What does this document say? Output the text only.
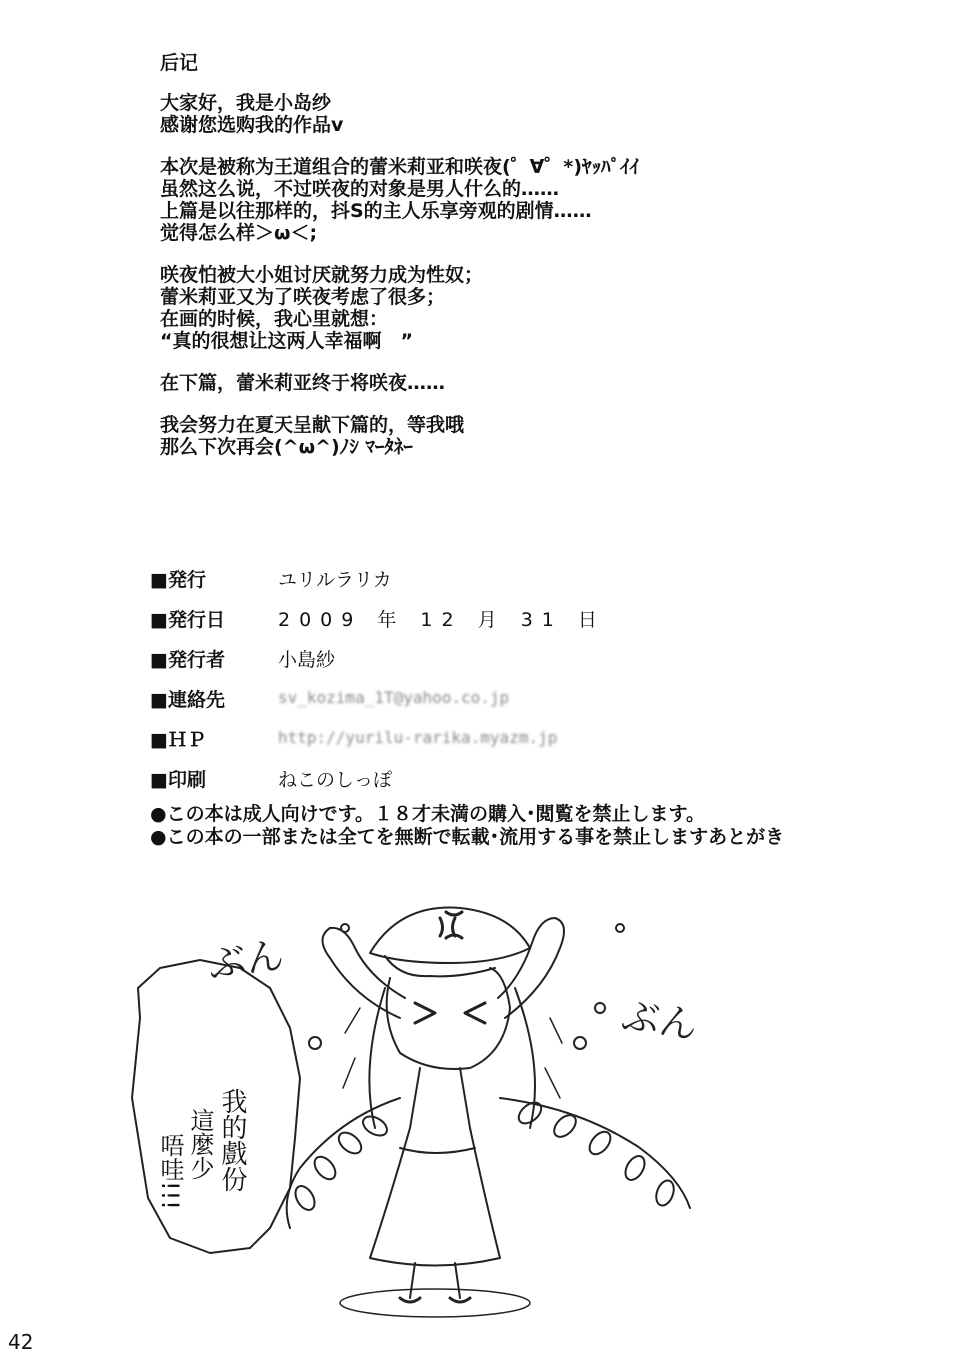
后记
大家好，我是小岛纱
感谢您选购我的作品v
本次是被称为王道组合的蕾米莉亚和咲夜(゜∀゜*)ﾔｯﾊﾟｲｲ
虽然这么说，不过咲夜的对象是男人什么的……
上篇是以往那样的，抖S的主人乐享旁观的剧情……
觉得怎么样＞ω＜;
咲夜怕被大小姐讨厌就努力成为性奴；
蕾米莉亚又为了咲夜考虑了很多；
在画的时候，我心里就想：
“真的很想让这两人幸福啊　”
在下篇，蕾米莉亚终于将咲夜……
我会努力在夏天呈献下篇的，等我哦
那么下次再会(^ω^)ﾉｼ ﾏｰﾀﾈｰ
■発行	ユリルラリカ
■発行日	2009 年 12 月 31 日
■発行者	小島紗
■連絡先	sv_kozima_1T@yahoo.co.jp
■ＨＰ	http://yurilu-rarika.myazm.jp
■印刷	ねこのしっぽ
●この本は成人向けです。１８才未満の購入･閲覧を禁止します。
●この本の一部または全てを無断で転載･流用する事を禁止しますあとがき
ぶん
ぶん
我的戲份
這麼少
唔哇!!!
42
